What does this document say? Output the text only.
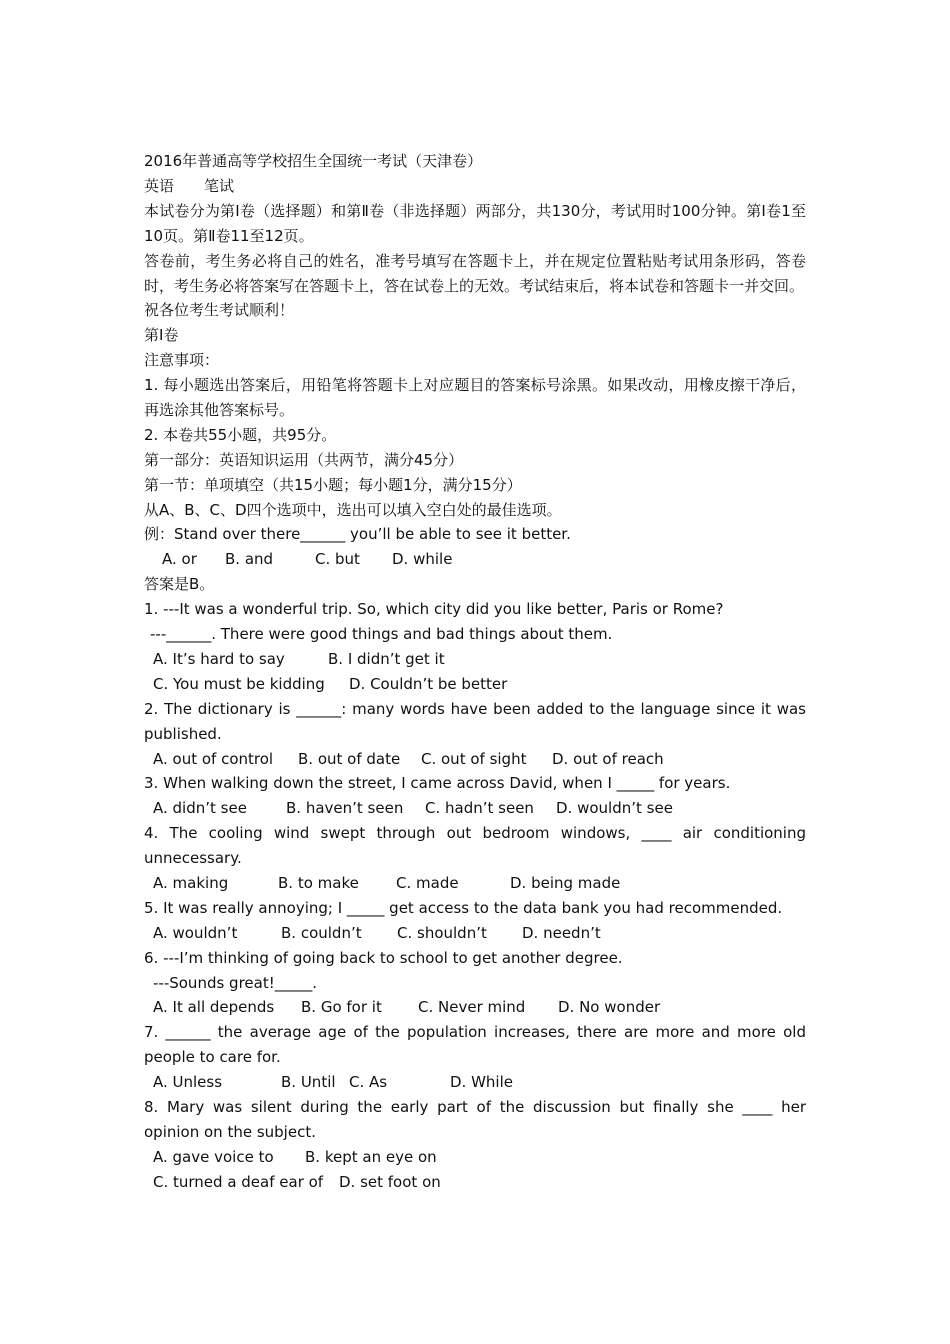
2016年普通高等学校招生全国统一考试（天津卷）
英语　　笔试
本试卷分为第Ⅰ卷（选择题）和第Ⅱ卷（非选择题）两部分，共130分，考试用时100分钟。第Ⅰ卷1至10页。第Ⅱ卷11至12页。
答卷前，考生务必将自己的姓名，准考号填写在答题卡上，并在规定位置粘贴考试用条形码，答卷时，考生务必将答案写在答题卡上，答在试卷上的无效。考试结束后，将本试卷和答题卡一并交回。
祝各位考生考试顺利！
第Ⅰ卷
注意事项：
1. 每小题选出答案后，用铅笔将答题卡上对应题目的答案标号涂黑。如果改动，用橡皮擦干净后，再选涂其他答案标号。
2. 本卷共55小题，共95分。
第一部分：英语知识运用（共两节，满分45分）
第一节：单项填空（共15小题；每小题1分，满分15分）
从A、B、C、D四个选项中，选出可以填入空白处的最佳选项。
例：Stand over there______ you’ll be able to see it better.
A. or B. and	C. but D. while
答案是B。
1. ---It was a wonderful trip. So, which city did you like better, Paris or Rome?
---______. There were good things and bad things about them.
A. It’s hard to say	B. I didn’t get it
C. You must be kidding D. Couldn’t be better
2. The dictionary is ______: many words have been added to the language since it was published.
A. out of control B. out of date C. out of sight D. out of reach
3. When walking down the street, I came across David, when I _____ for years.
A. didn’t see	B. haven’t seen C. hadn’t seen D. wouldn’t see
4. The cooling wind swept through out bedroom windows, ____ air conditioning unnecessary.
A. making	B. to make C. made	D. being made
5. It was really annoying; I _____ get access to the data bank you had recommended.
A. wouldn’t	B. couldn’t C. shouldn’t D. needn’t
6. ---I’m thinking of going back to school to get another degree.
---Sounds great!_____.
A. It all depends B. Go for it C. Never mind D. No wonder
7. ______ the average age of the population increases, there are more and more old people to care for.
A. Unless	B. Until C. As	D. While
8. Mary was silent during the early part of the discussion but finally she ____ her opinion on the subject.
A. gave voice to B. kept an eye on
C. turned a deaf ear of D. set foot on
